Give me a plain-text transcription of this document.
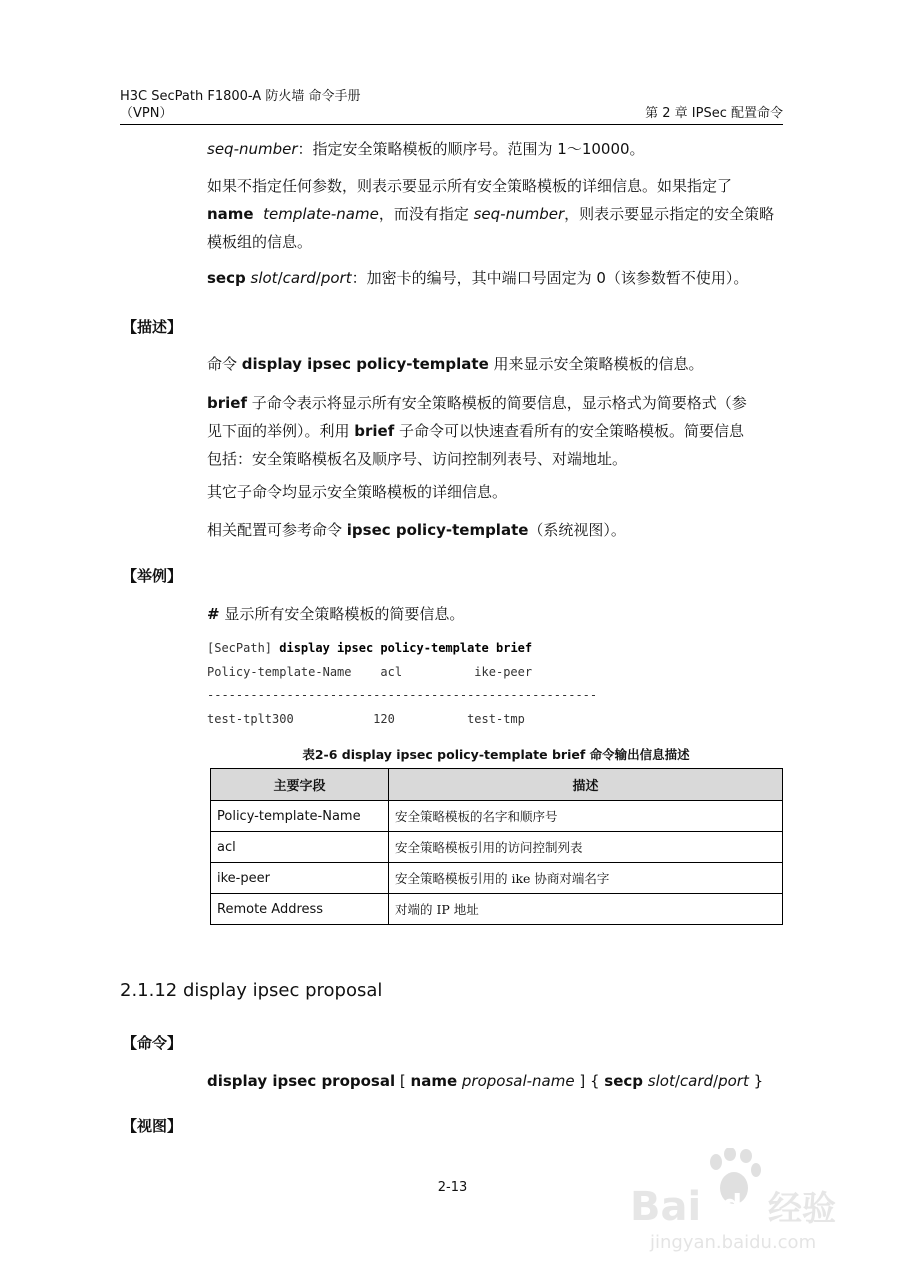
H3C SecPath F1800-A 防火墙 命令手册
（VPN）	第 2 章 IPSec 配置命令
seq-number：指定安全策略模板的顺序号。范围为 1～10000。
如果不指定任何参数，则表示要显示所有安全策略模板的详细信息。如果指定了
name template-name，而没有指定 seq-number，则表示要显示指定的安全策略
模板组的信息。
secp slot/card/port：加密卡的编号，其中端口号固定为 0（该参数暂不使用）。
【描述】
命令 display ipsec policy-template 用来显示安全策略模板的信息。
brief 子命令表示将显示所有安全策略模板的简要信息，显示格式为简要格式（参
见下面的举例）。利用 brief 子命令可以快速查看所有的安全策略模板。简要信息
包括：安全策略模板名及顺序号、访问控制列表号、对端地址。
其它子命令均显示安全策略模板的详细信息。
相关配置可参考命令 ipsec policy-template（系统视图）。
【举例】
# 显示所有安全策略模板的简要信息。
[SecPath] display ipsec policy-template brief
Policy-template-Name    acl          ike-peer
------------------------------------------------------
test-tplt300           120          test-tmp
表2-6 display ipsec policy-template brief 命令输出信息描述
主要字段	描述
Policy-template-Name	安全策略模板的名字和顺序号
acl	安全策略模板引用的访问控制列表
ike-peer	安全策略模板引用的 ike 协商对端名字
Remote Address	对端的 IP 地址
2.1.12 display ipsec proposal
【命令】
display ipsec proposal [ name proposal-name ] { secp slot/card/port }
【视图】
2-13	Bai du 经验
jingyan.baidu.com
